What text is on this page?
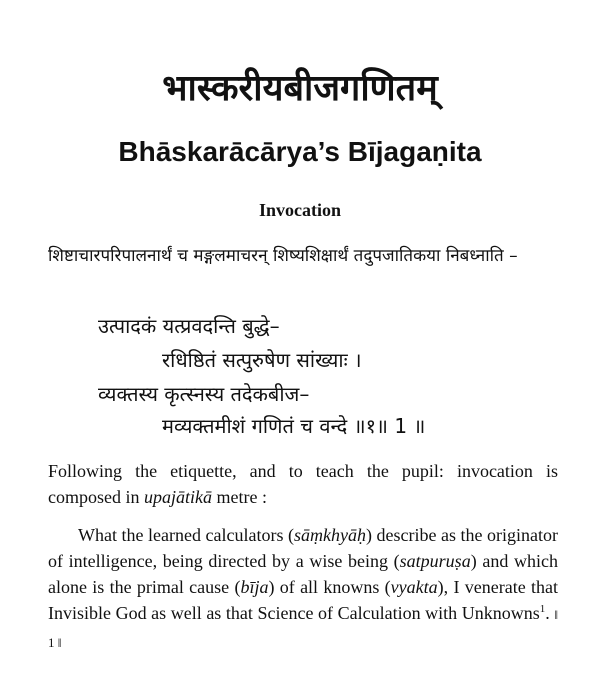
भास्करीयबीजगणितम्
Bhāskarācārya’s Bījagaṇita
Invocation
शिष्टाचारपरिपालनार्थं च मङ्गलमाचरन् शिष्यशिक्षार्थं तदुपजातिकया निबध्नाति –
उत्पादकं यत्प्रवदन्ति बुद्धे–
रधिष्ठितं सत्पुरुषेण सांख्याः ।
व्यक्तस्य कृत्स्नस्य तदेकबीज–
मव्यक्तमीशं गणितं च वन्दे ॥१॥ 1 ॥
Following the etiquette, and to teach the pupil: invocation is composed in upajātikā metre :
What the learned calculators (sāṃkhyāḥ) describe as the originator of intelligence, being directed by a wise being (satpuruṣa) and which alone is the primal cause (bīja) of all knowns (vyakta), I venerate that Invisible God as well as that Science of Calculation with Unknowns$^1$. ‖ 1 ‖
